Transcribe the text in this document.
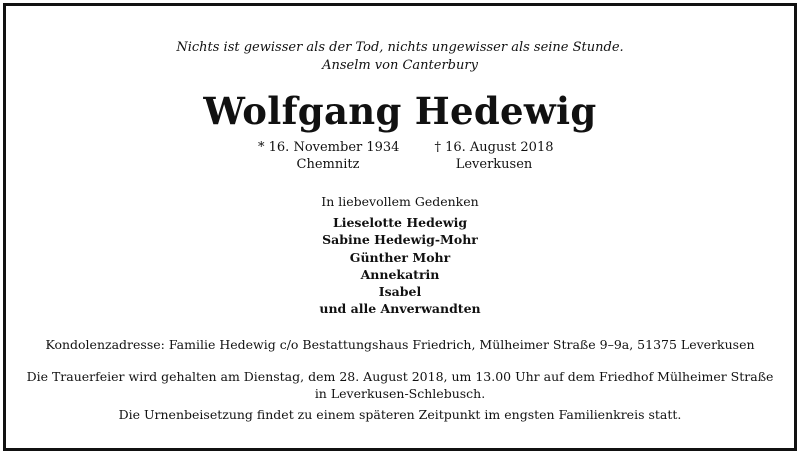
Nichts ist gewisser als der Tod, nichts ungewisser als seine Stunde.
Anselm von Canterbury
Wolfgang Hedewig
* 16. November 1934
Chemnitz
† 16. August 2018
Leverkusen
In liebevollem Gedenken
Lieselotte Hedewig
Sabine Hedewig-Mohr
Günther Mohr
Annekatrin
Isabel
und alle Anverwandten
Kondolenzadresse: Familie Hedewig c/o Bestattungshaus Friedrich, Mülheimer Straße 9–9a, 51375 Leverkusen
Die Trauerfeier wird gehalten am Dienstag, dem 28. August 2018, um 13.00 Uhr auf dem Friedhof Mülheimer Straße
in Leverkusen-Schlebusch.
Die Urnenbeisetzung findet zu einem späteren Zeitpunkt im engsten Familienkreis statt.
